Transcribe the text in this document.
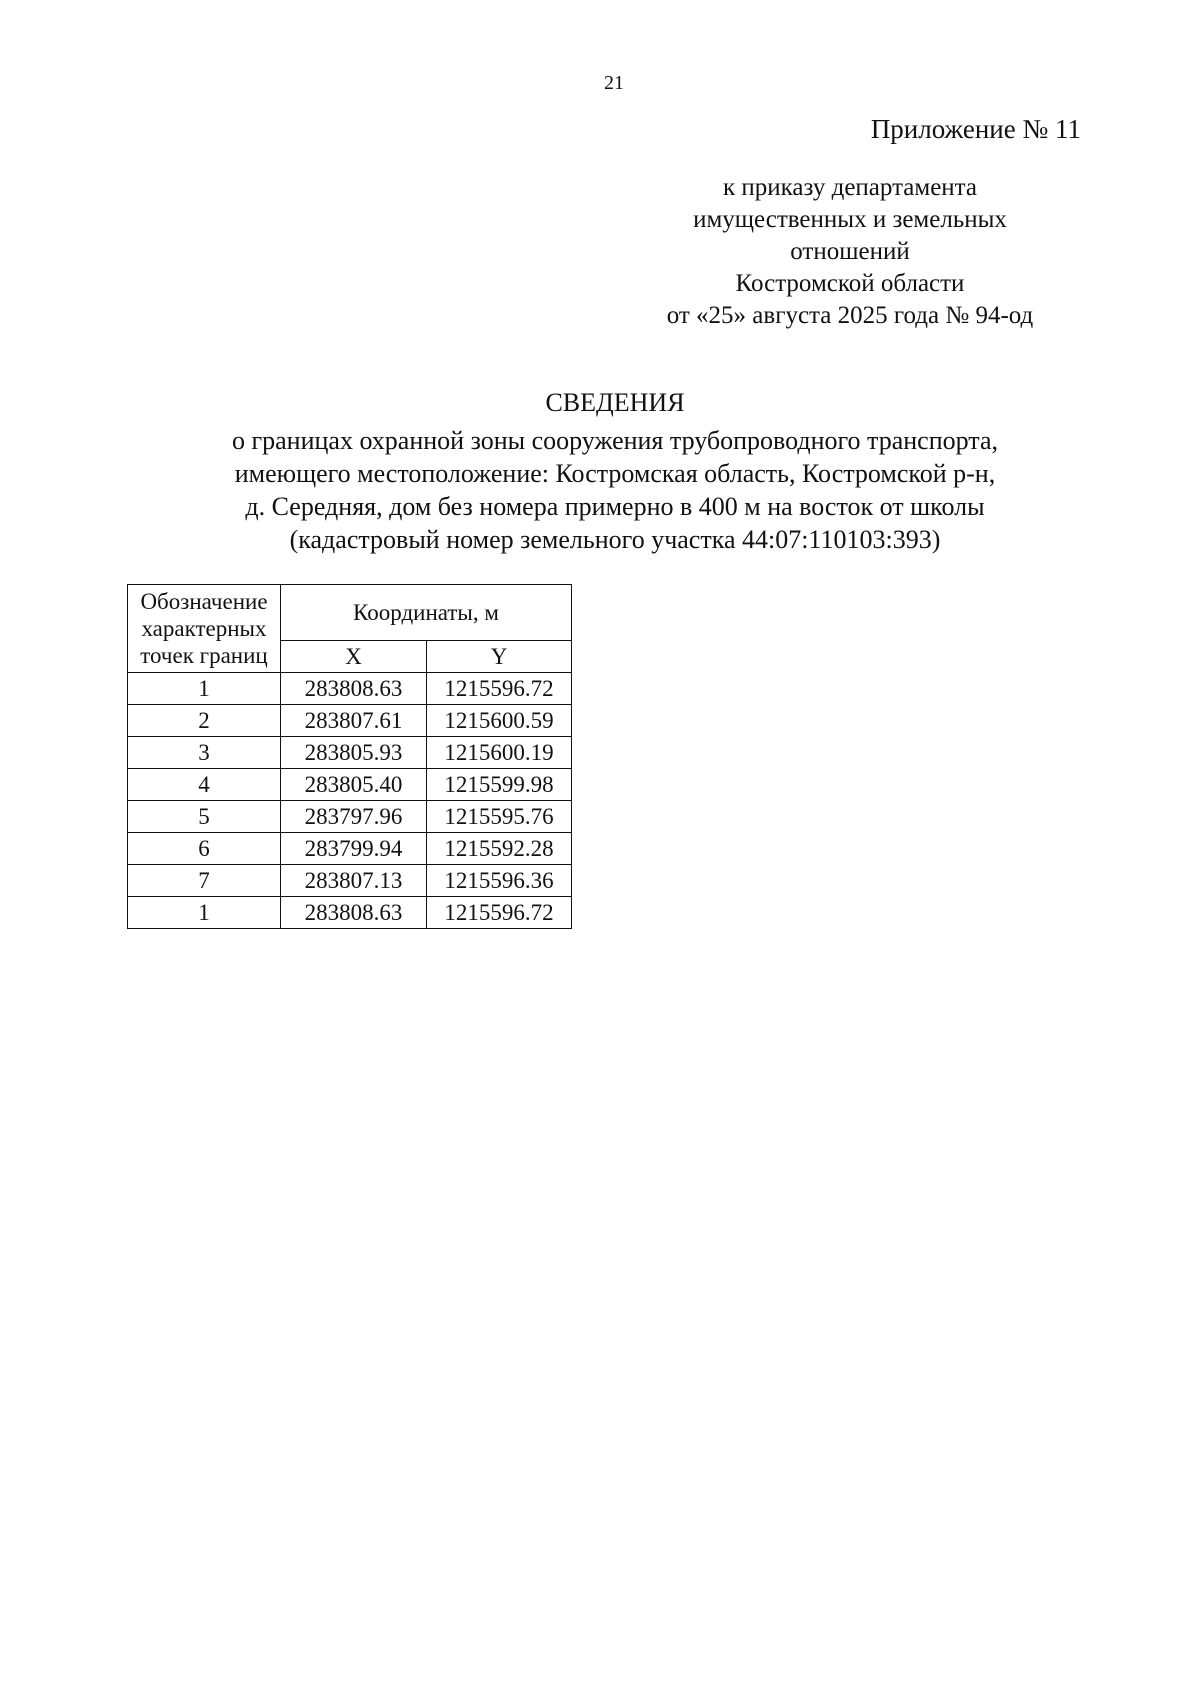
21
Приложение № 11
к приказу департамента
имущественных и земельных
отношений
Костромской области
от «25» августа 2025 года № 94-од
СВЕДЕНИЯ
о границах охранной зоны сооружения трубопроводного транспорта,
имеющего местоположение: Костромская область, Костромской р-н,
д. Середняя, дом без номера примерно в 400 м на восток от школы
(кадастровый номер земельного участка 44:07:110103:393)
Обозначение
характерных
точек границ	Координаты, м	
	X	Y
1	283808.63	1215596.72
2	283807.61	1215600.59
3	283805.93	1215600.19
4	283805.40	1215599.98
5	283797.96	1215595.76
6	283799.94	1215592.28
7	283807.13	1215596.36
1	283808.63	1215596.72
